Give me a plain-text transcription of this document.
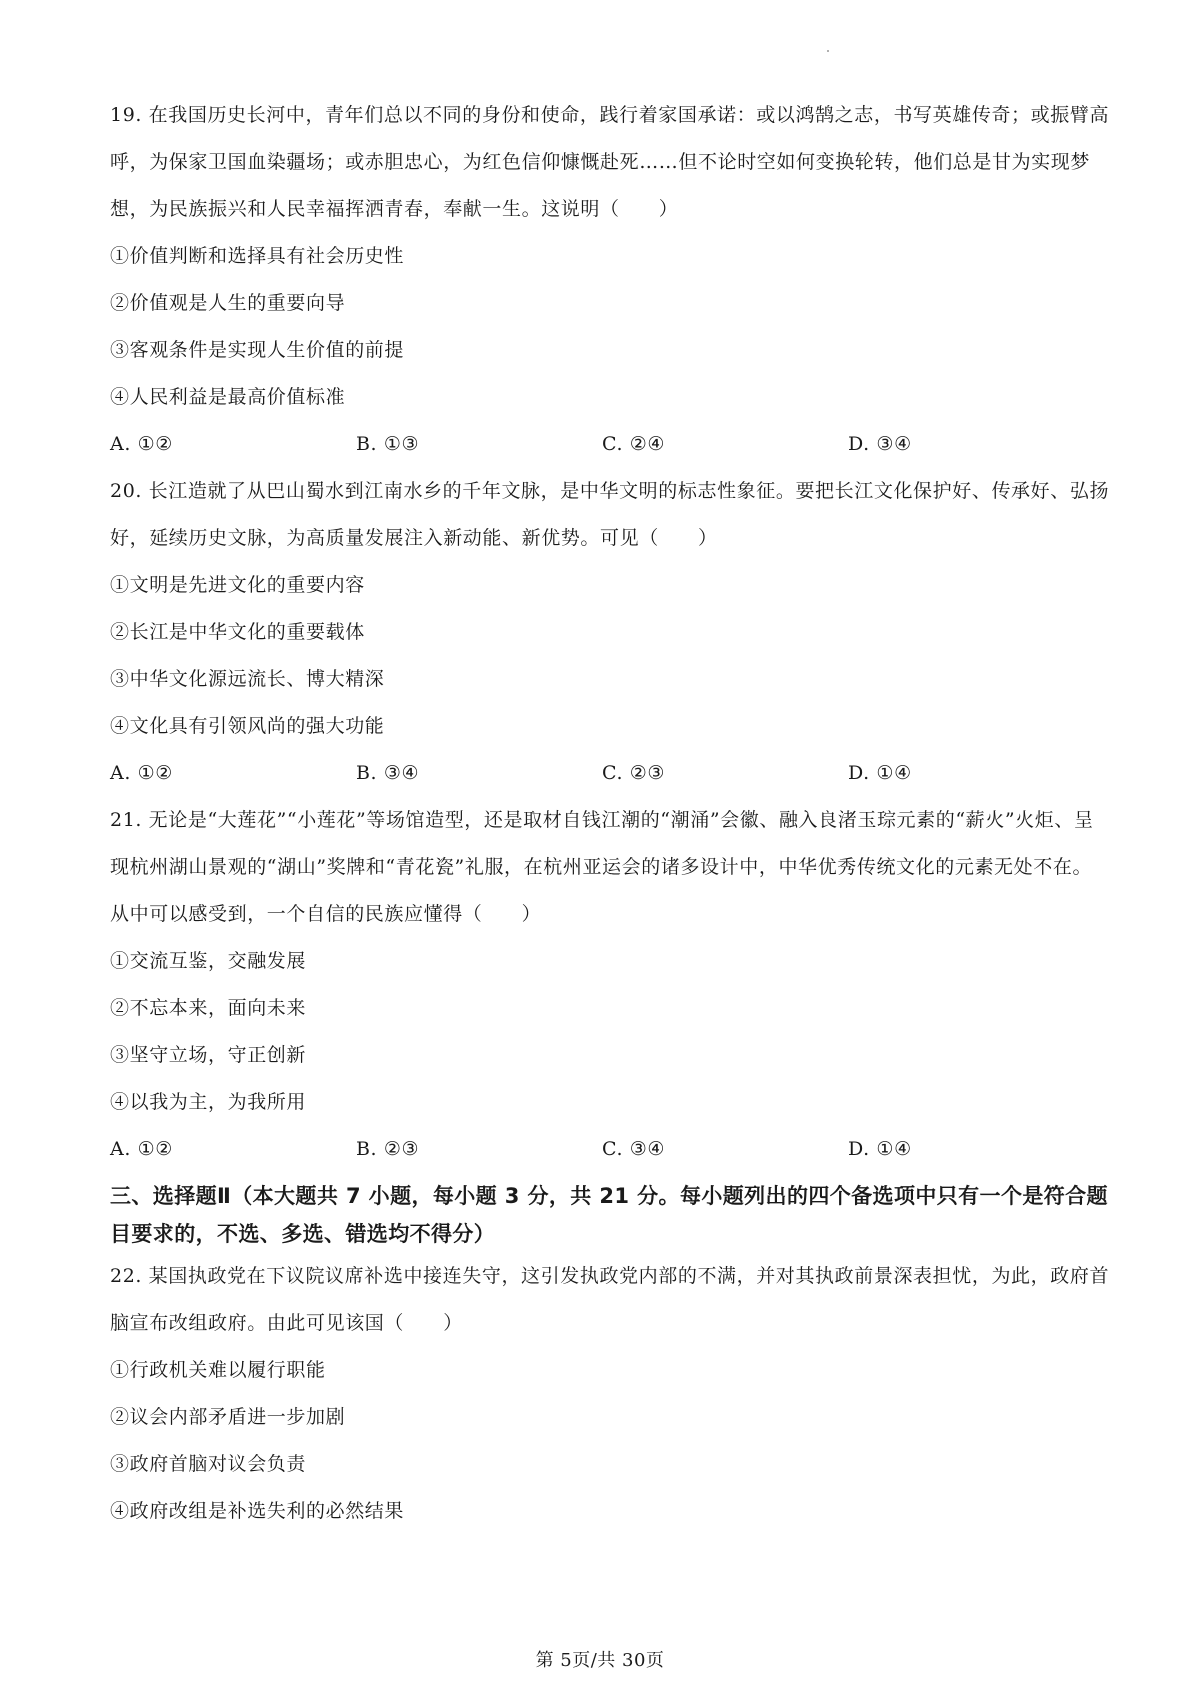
19. 在我国历史长河中，青年们总以不同的身份和使命，践行着家国承诺：或以鸿鹄之志，书写英雄传奇；或振臂高呼，为保家卫国血染疆场；或赤胆忠心，为红色信仰慷慨赴死……但不论时空如何变换轮转，他们总是甘为实现梦想，为民族振兴和人民幸福挥洒青春，奉献一生。这说明（　　）

①价值判断和选择具有社会历史性

②价值观是人生的重要向导

③客观条件是实现人生价值的前提

④人民利益是最高价值标准

A. ①②	B. ①③	C. ②④	D. ③④

20. 长江造就了从巴山蜀水到江南水乡的千年文脉，是中华文明的标志性象征。要把长江文化保护好、传承好、弘扬好，延续历史文脉，为高质量发展注入新动能、新优势。可见（　　）

①文明是先进文化的重要内容

②长江是中华文化的重要载体

③中华文化源远流长、博大精深

④文化具有引领风尚的强大功能

A. ①②	B. ③④	C. ②③	D. ①④

21. 无论是“大莲花”“小莲花”等场馆造型，还是取材自钱江潮的“潮涌”会徽、融入良渚玉琮元素的“薪火”火炬、呈现杭州湖山景观的“湖山”奖牌和“青花瓷”礼服，在杭州亚运会的诸多设计中，中华优秀传统文化的元素无处不在。从中可以感受到，一个自信的民族应懂得（　　）

①交流互鉴，交融发展

②不忘本来，面向未来

③坚守立场，守正创新

④以我为主，为我所用

A. ①②	B. ②③	C. ③④	D. ①④

三、选择题Ⅱ（本大题共 7 小题，每小题 3 分，共 21 分。每小题列出的四个备选项中只有一个是符合题目要求的，不选、多选、错选均不得分）

22. 某国执政党在下议院议席补选中接连失守，这引发执政党内部的不满，并对其执政前景深表担忧，为此，政府首脑宣布改组政府。由此可见该国（　　）

①行政机关难以履行职能

②议会内部矛盾进一步加剧

③政府首脑对议会负责

④政府改组是补选失利的必然结果

第 5页/共 30页
